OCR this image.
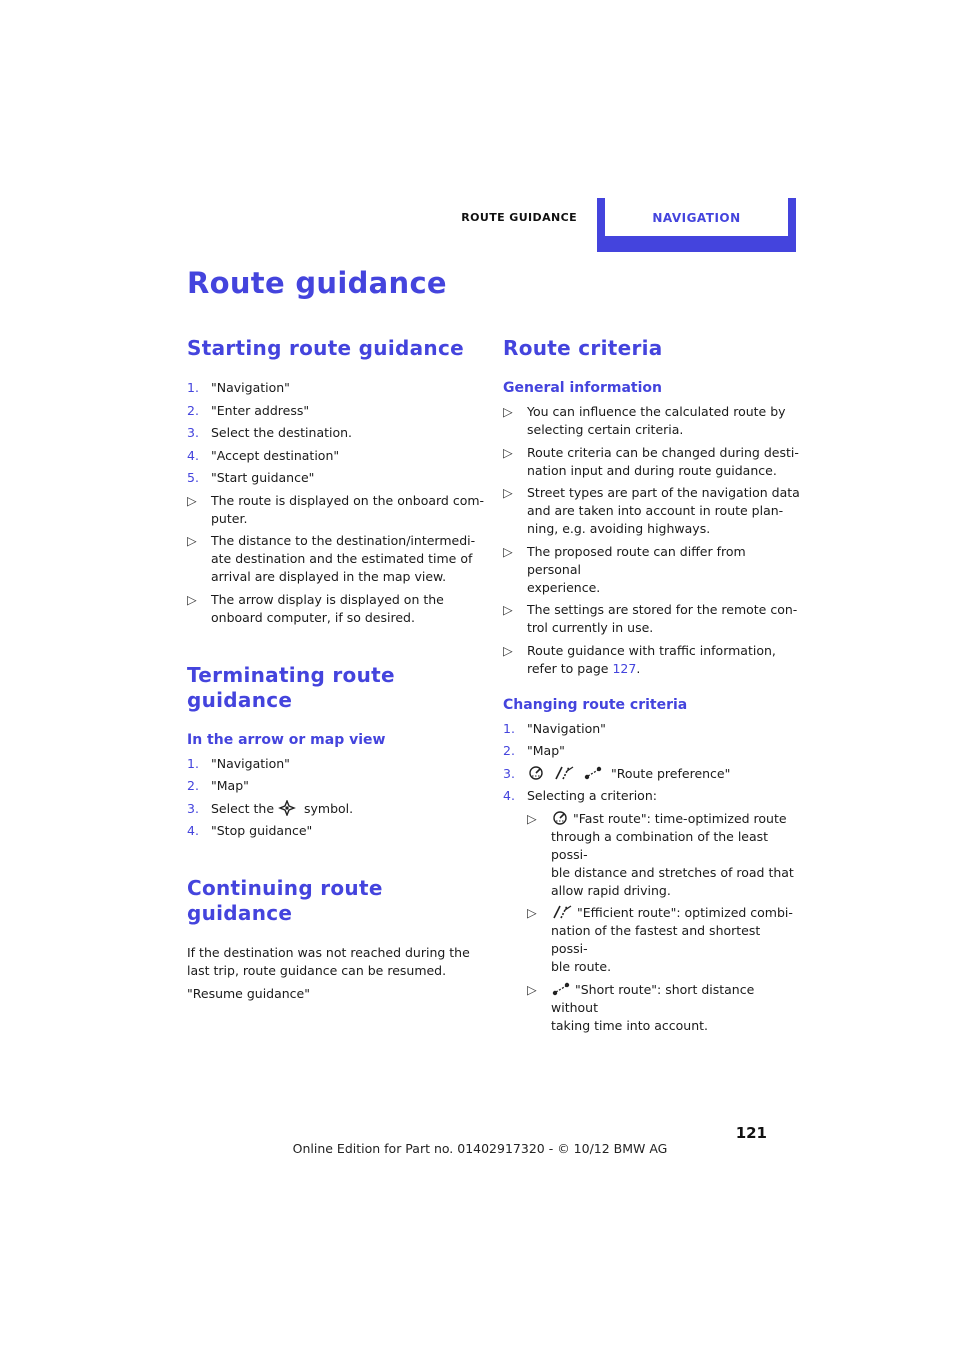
ROUTE GUIDANCE	NAVIGATION
Route guidance
Starting route guidance
1. "Navigation"
2. "Enter address"
3. Select the destination.
4. "Accept destination"
5. "Start guidance"
▷	The route is displayed on the onboard com-
puter.
▷	The distance to the destination/intermedi-
ate destination and the estimated time of
arrival are displayed in the map view.
▷	The arrow display is displayed on the
onboard computer, if so desired.
Terminating route
guidance
In the arrow or map view
1. "Navigation"
2. "Map"
3. Select the  symbol.
4. "Stop guidance"
Continuing route
guidance

If the destination was not reached during the
last trip, route guidance can be resumed.

"Resume guidance"

Route criteria
General information
▷	You can influence the calculated route by
selecting certain criteria.
▷	Route criteria can be changed during desti-
nation input and during route guidance.
▷	Street types are part of the navigation data
and are taken into account in route plan-
ning, e.g. avoiding highways.
▷	The proposed route can differ from personal
experience.
▷	The settings are stored for the remote con-
trol currently in use.
▷	Route guidance with traffic information,
refer to page 127.
Changing route criteria
1. "Navigation"
2. "Map"
3.	"Route preference"
4. Selecting a criterion:
▷	"Fast route": time-optimized route
through a combination of the least possi-
ble distance and stretches of road that
allow rapid driving.
▷	"Efficient route": optimized combi-
nation of the fastest and shortest possi-
ble route.
▷	"Short route": short distance without
taking time into account.
121
Online Edition for Part no. 01402917320 - © 10/12 BMW AG
